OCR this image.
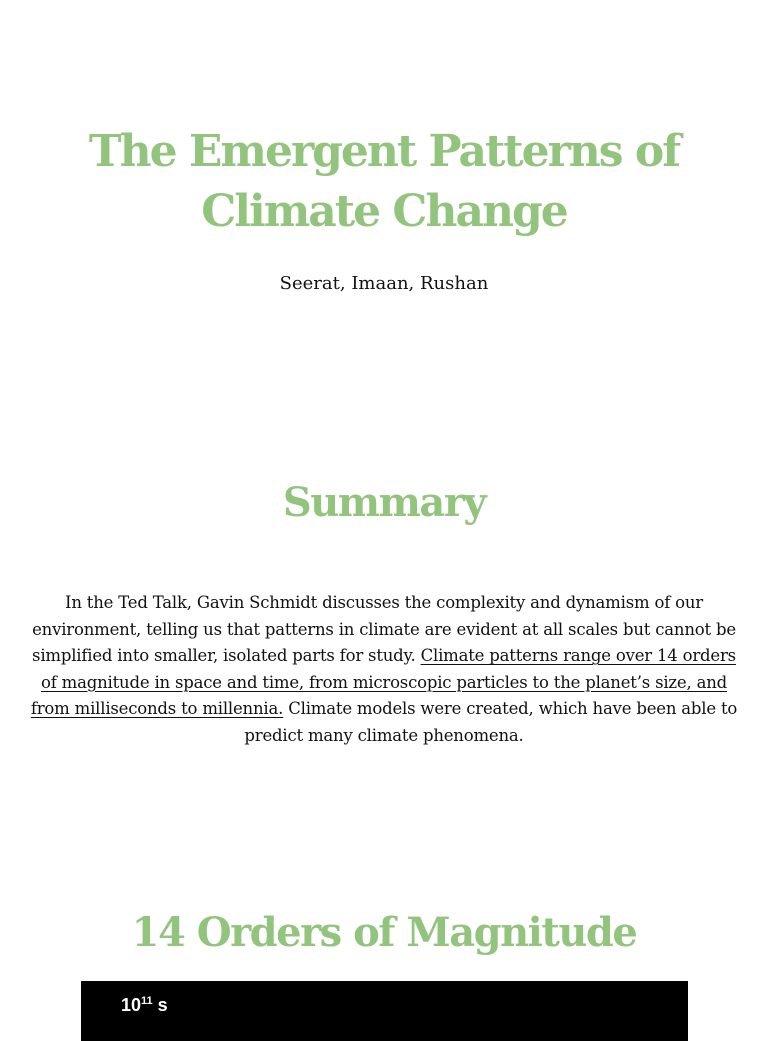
The Emergent Patterns of
Climate Change
Seerat, Imaan, Rushan
Summary

In the Ted Talk, Gavin Schmidt discusses the complexity and dynamism of our environment, telling us that patterns in climate are evident at all scales but cannot be simplified into smaller, isolated parts for study. Climate patterns range over 14 orders of magnitude in space and time, from microscopic particles to the planet’s size, and from milliseconds to millennia. Climate models were created, which have been able to predict many climate phenomena.

14 Orders of Magnitude
$10^{11}$ s
